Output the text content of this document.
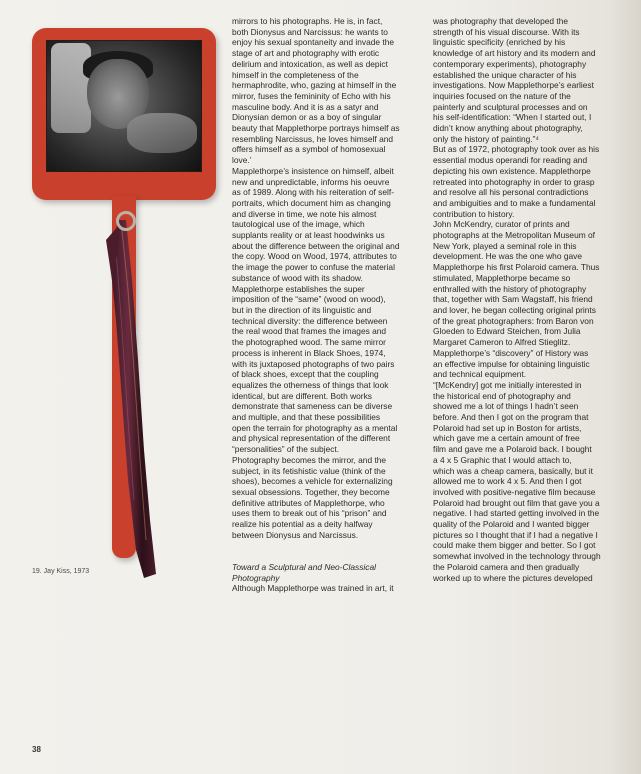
19. Jay Kiss, 1973
38
mirrors to his photographs. He is, in fact,
both Dionysus and Narcissus: he wants to
enjoy his sexual spontaneity and invade the
stage of art and photography with erotic
delirium and intoxication, as well as depict
himself in the completeness of the
hermaphrodite, who, gazing at himself in the
mirror, fuses the femininity of Echo with his
masculine body. And it is as a satyr and
Dionysian demon or as a boy of singular
beauty that Mapplethorpe portrays himself as
resembling Narcissus, he loves himself and
offers himself as a symbol of homosexual
love.’
Mapplethorpe’s insistence on himself, albeit
new and unpredictable, informs his oeuvre
as of 1989. Along with his reiteration of self-
portraits, which document him as changing
and diverse in time, we note his almost
tautological use of the image, which
supplants reality or at least hoodwinks us
about the difference between the original and
the copy. Wood on Wood, 1974, attributes to
the image the power to confuse the material
substance of wood with its shadow.
Mapplethorpe establishes the super
imposition of the “same” (wood on wood),
but in the direction of its linguistic and
technical diversity: the difference between
the real wood that frames the images and
the photographed wood. The same mirror
process is inherent in Black Shoes, 1974,
with its juxtaposed photographs of two pairs
of black shoes, except that the coupling
equalizes the otherness of things that look
identical, but are different. Both works
demonstrate that sameness can be diverse
and multiple, and that these possibilities
open the terrain for photography as a mental
and physical representation of the different
“personalities” of the subject.
Photography becomes the mirror, and the
subject, in its fetishistic value (think of the
shoes), becomes a vehicle for externalizing
sexual obsessions. Together, they become
definitive attributes of Mapplethorpe, who
uses them to break out of his “prison” and
realize his potential as a deity halfway
between Dionysus and Narcissus.
Toward a Sculptural and Neo-Classical
Photography
Although Mapplethorpe was trained in art, it
was photography that developed the
strength of his visual discourse. With its
linguistic specificity (enriched by his
knowledge of art history and its modern and
contemporary experiments), photography
established the unique character of his
investigations. Now Mapplethorpe’s earliest
inquiries focused on the nature of the
painterly and sculptural processes and on
his self-identification: “When I started out, I
didn’t know anything about photography,
only the history of painting.”⁴
But as of 1972, photography took over as his
essential modus operandi for reading and
depicting his own existence. Mapplethorpe
retreated into photography in order to grasp
and resolve all his personal contradictions
and ambiguities and to make a fundamental
contribution to history.
John McKendry, curator of prints and
photographs at the Metropolitan Museum of
New York, played a seminal role in this
development. He was the one who gave
Mapplethorpe his first Polaroid camera. Thus
stimulated, Mapplethorpe became so
enthralled with the history of photography
that, together with Sam Wagstaff, his friend
and lover, he began collecting original prints
of the great photographers: from Baron von
Gloeden to Edward Steichen, from Julia
Margaret Cameron to Alfred Stieglitz.
Mapplethorpe’s “discovery” of History was
an effective impulse for obtaining linguistic
and technical equipment.
“[McKendry] got me initially interested in
the historical end of photography and
showed me a lot of things I hadn’t seen
before. And then I got on the program that
Polaroid had set up in Boston for artists,
which gave me a certain amount of free
film and gave me a Polaroid back. I bought
a 4 x 5 Graphic that I would attach to,
which was a cheap camera, basically, but it
allowed me to work 4 x 5. And then I got
involved with positive-negative film because
Polaroid had brought out film that gave you a
negative. I had started getting involved in the
quality of the Polaroid and I wanted bigger
pictures so I thought that if I had a negative I
could make them bigger and better. So I got
somewhat involved in the technology through
the Polaroid camera and then gradually
worked up to where the pictures developed
